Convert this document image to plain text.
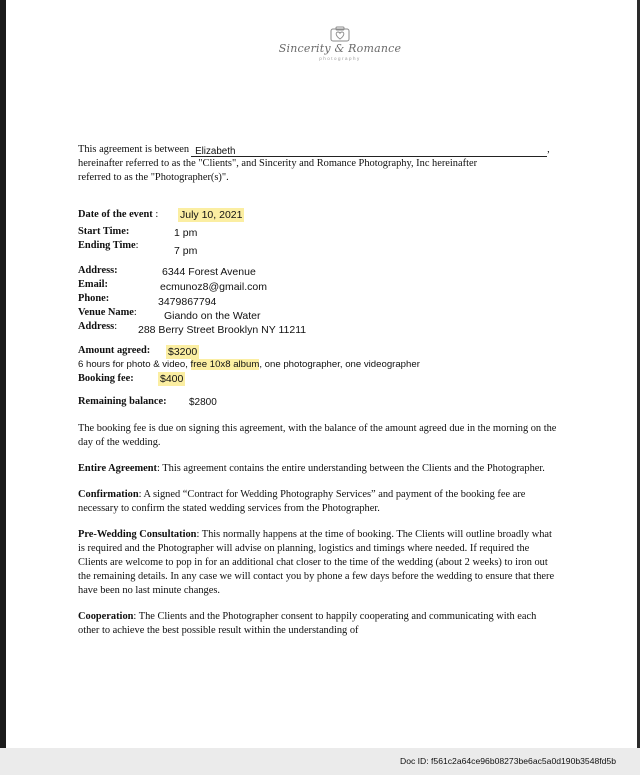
Sincerity & Romance
photography
This agreement is between Elizabeth	,
hereinafter referred to as the "Clients", and Sincerity and Romance Photography, Inc hereinafter
referred to as the "Photographer(s)".
Date of the event : July 10, 2021
Start Time:	1 pm
Ending Time:	7 pm
Address:	6344 Forest Avenue
Email:	ecmunoz8@gmail.com
Phone:	3479867794
Venue Name:	Giando on the Water
Address: 288 Berry Street Brooklyn NY 11211
Amount agreed: $3200
6 hours for photo & video, free 10x8 album, one photographer, one videographer
Booking fee:	$400
Remaining balance: $2800

The booking fee is due on signing this agreement, with the balance of the amount agreed due in the morning on the day of the wedding.

Entire Agreement: This agreement contains the entire understanding between the Clients and the Photographer.

Confirmation: A signed “Contract for Wedding Photography Services” and payment of the booking fee are necessary to confirm the stated wedding services from the Photographer.

Pre-Wedding Consultation: This normally happens at the time of booking. The Clients will outline broadly what is required and the Photographer will advise on planning, logistics and timings where needed. If required the Clients are welcome to pop in for an additional chat closer to the time of the wedding (about 2 weeks) to iron out the remaining details. In any case we will contact you by phone a few days before the wedding to ensure that there have been no last minute changes.

Cooperation: The Clients and the Photographer consent to happily cooperating and communicating with each other to achieve the best possible result within the understanding of

Doc ID: f561c2a64ce96b08273be6ac5a0d190b3548fd5b
